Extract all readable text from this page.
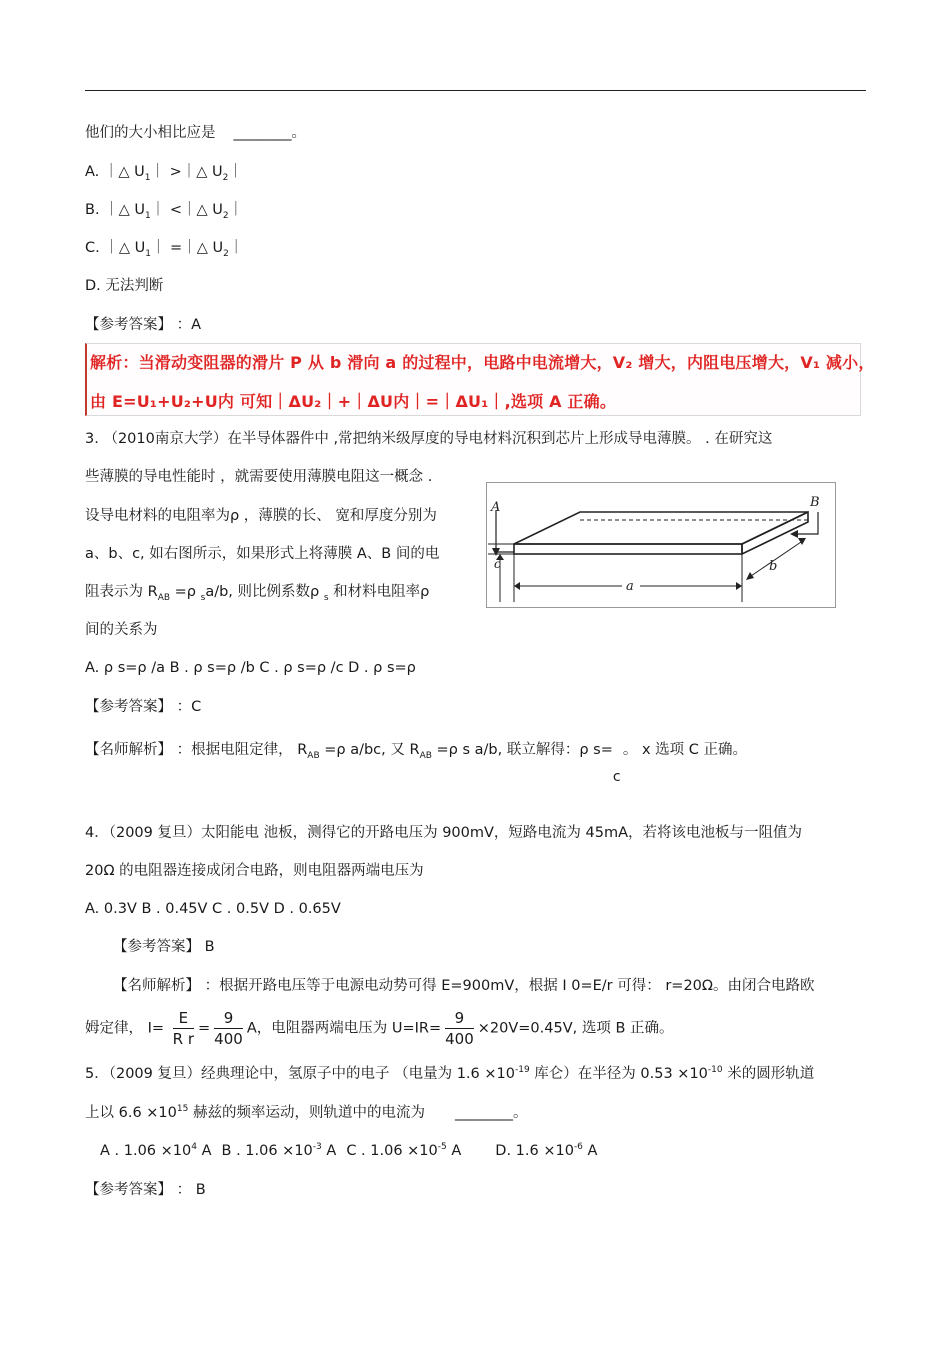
他们的大小相比应是 ________。
A. ｜△ $U_1|$ >｜△ $U_2|$
B. ｜△ $U_1|$ <｜△ $U_2|$
C. ｜△ $U_1|$ =｜△ $U_2|$
D. 无法判断
【参考答案】 ：A
解析：当滑动变阻器的滑片 P 从 b 滑向 a 的过程中，电路中电流增大，V₂ 增大，内阻电压增大，V₁ 减小，
由 E=U₁+U₂+U内 可知｜ΔU₂｜+｜ΔU内｜=｜ΔU₁｜,选项 A 正确。
3. （2010南京大学）在半导体器件中 ,常把纳米级厚度的导电材料沉积到芯片上形成导电薄膜。 . 在研究这
些薄膜的导电性能时 ，就需要使用薄膜电阻这一概念 .
设导电材料的电阻率为ρ ，薄膜的长、 宽和厚度分别为
a、b、c, 如右图所示，如果形式上将薄膜 A、B 间的电
阻表示为 $R_{AB} =\rho$ $_s$a/b, 则比例系数ρ $_s$ 和材料电阻率ρ
间的关系为
A	B
c
a
b
A. ρ s=ρ /a B . ρ s=ρ /b C . ρ s=ρ /c D . ρ s=ρ
【参考答案】 ：C
【名师解析】 ：根据电阻定律， $R_{AB} =\rho$ a/bc, 又 $R_{AB} =\rho$ s a/b, 联立解得：ρ s=
c
。 x 选项 C 正确。
4．（2009 复旦）太阳能电 池板，测得它的开路电压为 900mV，短路电流为 45mA，若将该电池板与一阻值为
20Ω 的电阻器连接成闭合电路，则电阻器两端电压为
A. 0.3V B . 0.45V C . 0.5V D . 0.65V
【参考答案】 B
【名师解析】 ：根据开路电压等于电源电动势可得 E=900mV，根据 I 0=E/r 可得： r=20Ω。由闭合电路欧
姆定律， $I= \frac{E}{\text{R r}} = \frac{9}{400}$ A，电阻器两端电压为 $U=IR= \frac{9}{400} \times 20V=0.45V$, 选项 B 正确。
5．（2009 复旦）经典理论中，氢原子中的电子 （电量为 $1.6 \times 10^{-19}$ 库仑）在半径为 $0.53 \times 10^{-10}$ 米的圆形轨道
上以 $6.6 \times 10^{15}$ 赫兹的频率运动，则轨道中的电流为 ________。
A . $1.06 \times 10^4$ A B . $1.06 \times 10^{-3}$ A C . $1.06 \times 10^{-5}$ A D. $1.6 \times 10^{-6}$ A
【参考答案】 ： B
